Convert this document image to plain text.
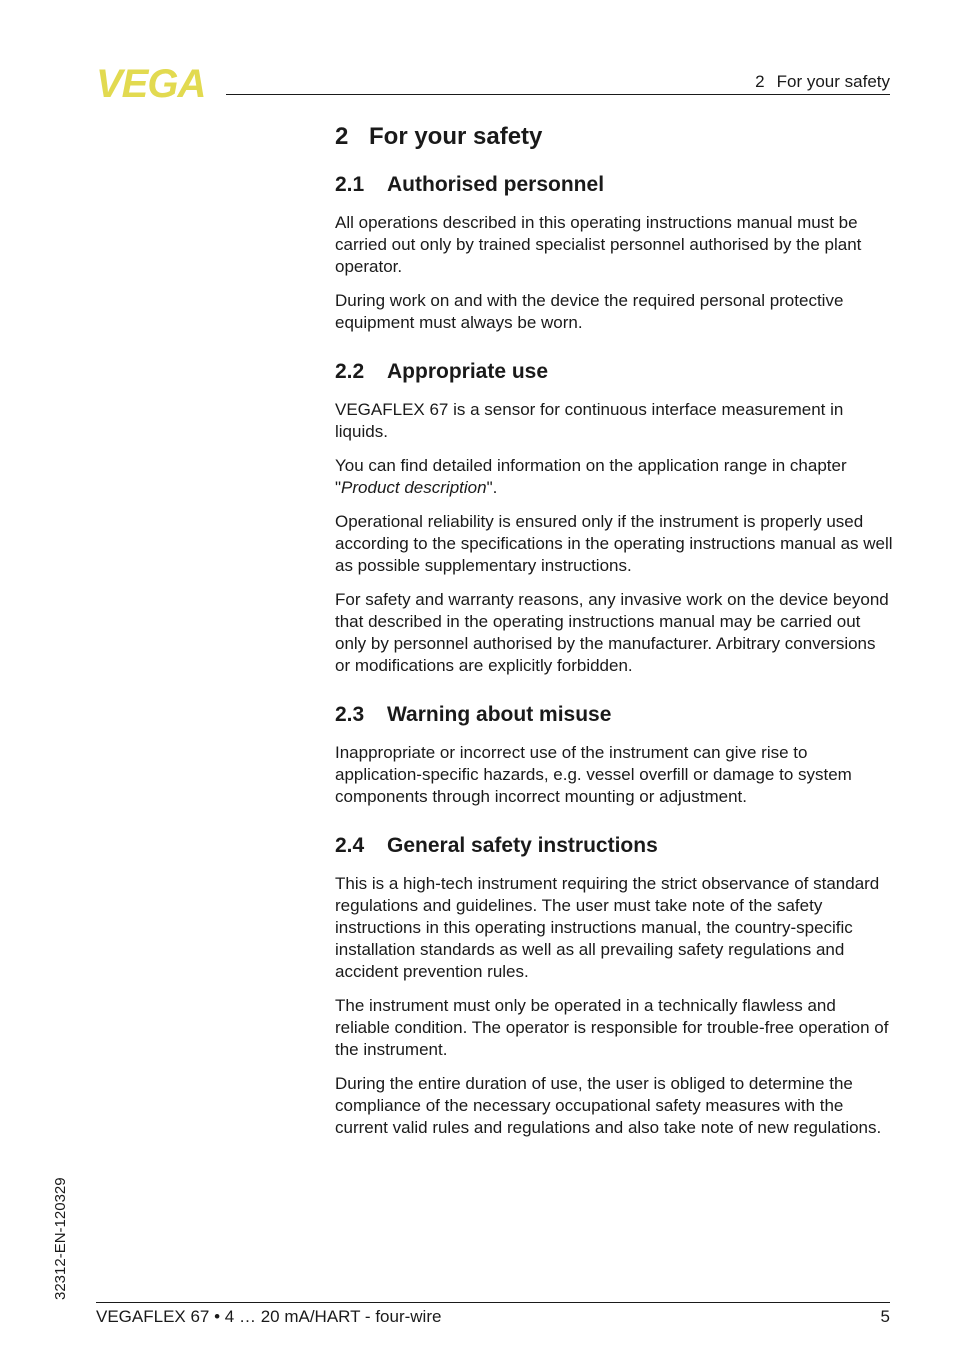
VEGA	2 For your safety
2 For your safety
2.1 Authorised personnel

All operations described in this operating instructions manual must be carried out only by trained specialist personnel authorised by the plant operator.

During work on and with the device the required personal protective equipment must always be worn.

2.2 Appropriate use

VEGAFLEX 67 is a sensor for continuous interface measurement in liquids.

You can find detailed information on the application range in chapter "Product description".

Operational reliability is ensured only if the instrument is properly used according to the specifications in the operating instructions manual as well as possible supplementary instructions.

For safety and warranty reasons, any invasive work on the device beyond that described in the operating instructions manual may be carried out only by personnel authorised by the manufacturer. Arbitrary conversions or modifications are explicitly forbidden.

2.3 Warning about misuse

Inappropriate or incorrect use of the instrument can give rise to application-specific hazards, e.g. vessel overfill or damage to system components through incorrect mounting or adjustment.

2.4 General safety instructions

This is a high-tech instrument requiring the strict observance of standard regulations and guidelines. The user must take note of the safety instructions in this operating instructions manual, the country-specific installation standards as well as all prevailing safety regulations and accident prevention rules.

The instrument must only be operated in a technically flawless and reliable condition. The operator is responsible for trouble-free operation of the instrument.

During the entire duration of use, the user is obliged to determine the compliance of the necessary occupational safety measures with the current valid rules and regulations and also take note of new regulations.

32312-EN-120329
VEGAFLEX 67 • 4 … 20 mA/HART - four-wire	5
